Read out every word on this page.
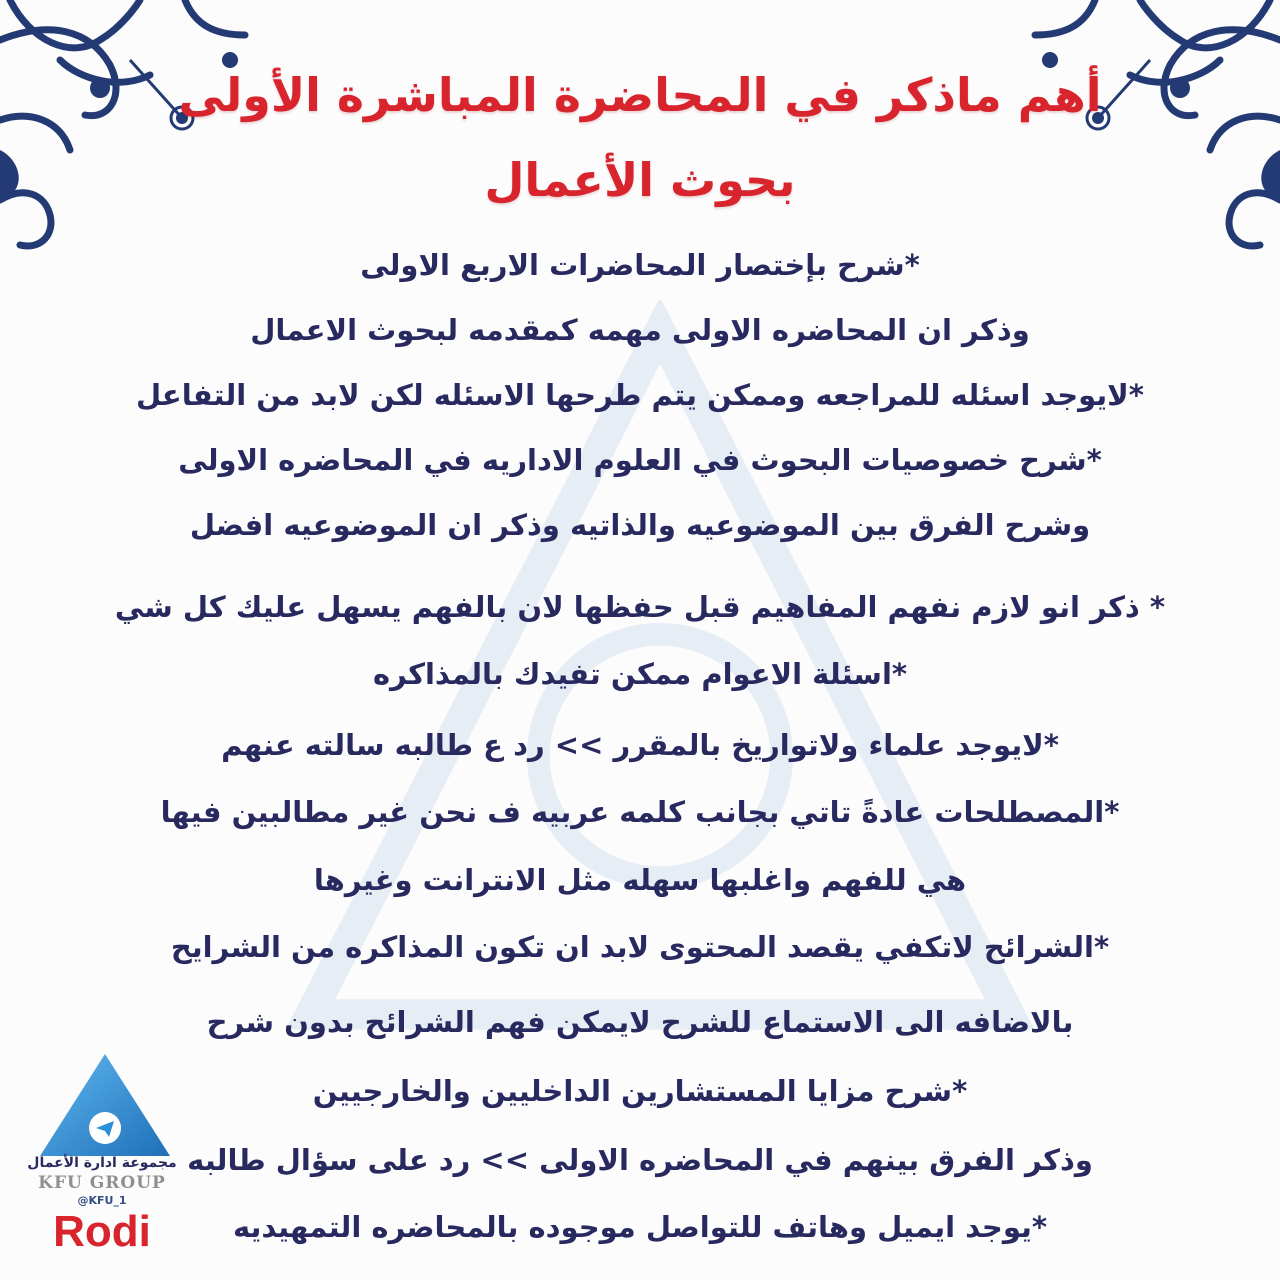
أهم ماذكر في المحاضرة المباشرة الأولى
بحوث الأعمال
*شرح بإختصار المحاضرات الاربع الاولى
وذكر ان المحاضره الاولى مهمه كمقدمه لبحوث الاعمال
*لايوجد اسئله للمراجعه وممكن يتم طرحها الاسئله لكن لابد من التفاعل
*شرح خصوصيات البحوث في العلوم الاداريه في المحاضره الاولى
وشرح الفرق بين الموضوعيه والذاتيه وذكر ان الموضوعيه افضل
* ذكر انو لازم نفهم المفاهيم قبل حفظها لان بالفهم يسهل عليك كل شي
*اسئلة الاعوام ممكن تفيدك بالمذاكره
*لايوجد علماء ولاتواريخ بالمقرر >> رد ع طالبه سالته عنهم
*المصطلحات عادةً تاتي بجانب كلمه عربيه ف نحن غير مطالبين فيها
هي للفهم واغلبها سهله مثل الانترانت وغيرها
*الشرائح لاتكفي يقصد المحتوى لابد ان تكون المذاكره من الشرايح
بالاضافه الى الاستماع للشرح لايمكن فهم الشرائح بدون شرح
*شرح مزايا المستشارين الداخليين والخارجيين
وذكر الفرق بينهم في المحاضره الاولى >> رد على سؤال طالبه
*يوجد ايميل وهاتف للتواصل موجوده بالمحاضره التمهيديه
مجموعة ادارة الأعمال
KFU GROUP
@KFU_1
Rodi
